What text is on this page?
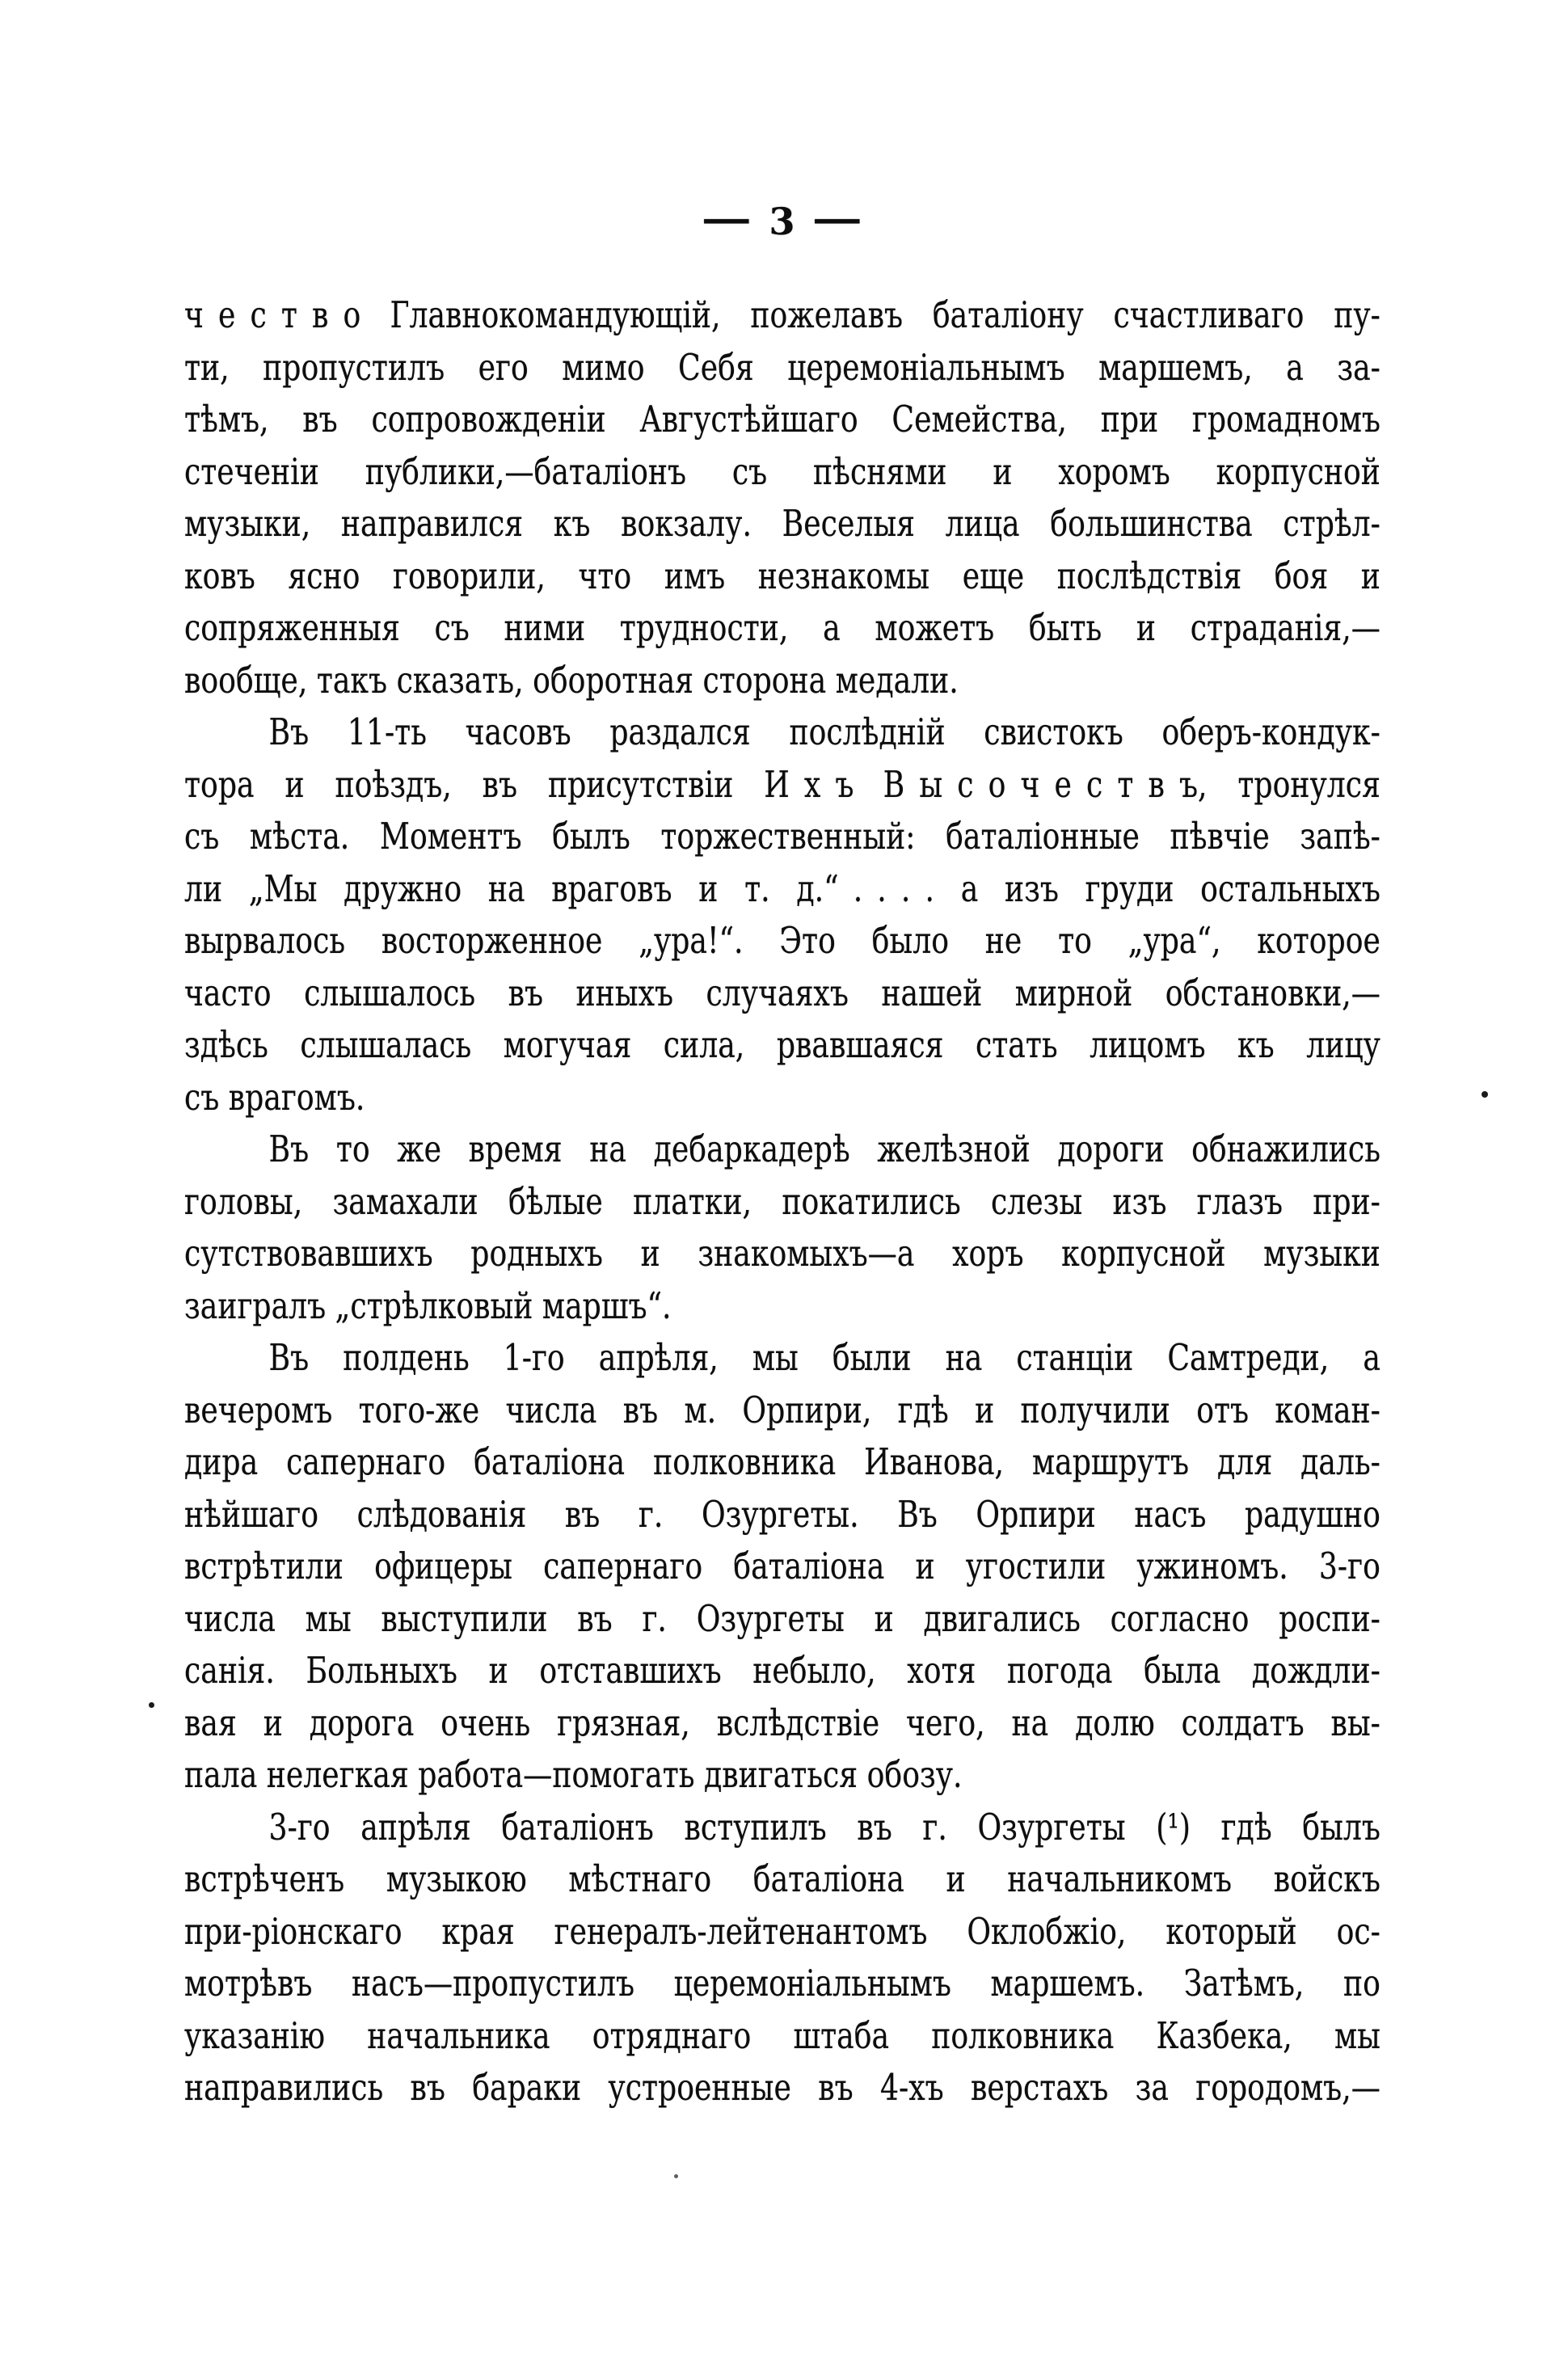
— 3 —
ч е с т в о Главнокомандующій, пожелавъ баталіону счастливаго пу-
ти, пропустилъ его мимо Себя церемоніальнымъ маршемъ, а за-
тѣмъ, въ сопровожденіи Августѣйшаго Семейства, при громадномъ
стеченіи публики,—баталіонъ съ пѣснями и хоромъ корпусной
музыки, направился къ вокзалу. Веселыя лица большинства стрѣл-
ковъ ясно говорили, что имъ незнакомы еще послѣдствія боя и
сопряженныя съ ними трудности, а можетъ быть и страданія,—
вообще, такъ сказать, оборотная сторона медали.
Въ 11-ть часовъ раздался послѣдній свистокъ оберъ-кондук-
тора и поѣздъ, въ присутствіи И х ъ В ы с о ч е с т в ъ, тронулся
съ мѣста. Моментъ былъ торжественный: баталіонные пѣвчіе запѣ-
ли „Мы дружно на враговъ и т. д.“ . . . . а изъ груди остальныхъ
вырвалось восторженное „ура!“. Это было не то „ура“, которое
часто слышалось въ иныхъ случаяхъ нашей мирной обстановки,—
здѣсь слышалась могучая сила, рвавшаяся стать лицомъ къ лицу
съ врагомъ.
Въ то же время на дебаркадерѣ желѣзной дороги обнажились
головы, замахали бѣлые платки, покатились слезы изъ глазъ при-
сутствовавшихъ родныхъ и знакомыхъ—а хоръ корпусной музыки
заигралъ „стрѣлковый маршъ“.
Въ полдень 1-го апрѣля, мы были на станціи Самтреди, а
вечеромъ того-же числа въ м. Орпири, гдѣ и получили отъ коман-
дира сапернаго баталіона полковника Иванова, маршрутъ для даль-
нѣйшаго слѣдованія въ г. Озургеты. Въ Орпири насъ радушно
встрѣтили офицеры сапернаго баталіона и угостили ужиномъ. 3-го
числа мы выступили въ г. Озургеты и двигались согласно роспи-
санія. Больныхъ и отставшихъ небыло, хотя погода была дождли-
вая и дорога очень грязная, вслѣдствіе чего, на долю солдатъ вы-
пала нелегкая работа—помогать двигаться обозу.
3-го апрѣля баталіонъ вступилъ въ г. Озургеты (¹) гдѣ былъ
встрѣченъ музыкою мѣстнаго баталіона и начальникомъ войскъ
при-ріонскаго края генералъ-лейтенантомъ Оклобжіо, который ос-
мотрѣвъ насъ—пропустилъ церемоніальнымъ маршемъ. Затѣмъ, по
указанію начальника отряднаго штаба полковника Казбека, мы
направились въ бараки устроенные въ 4-хъ верстахъ за городомъ,—
